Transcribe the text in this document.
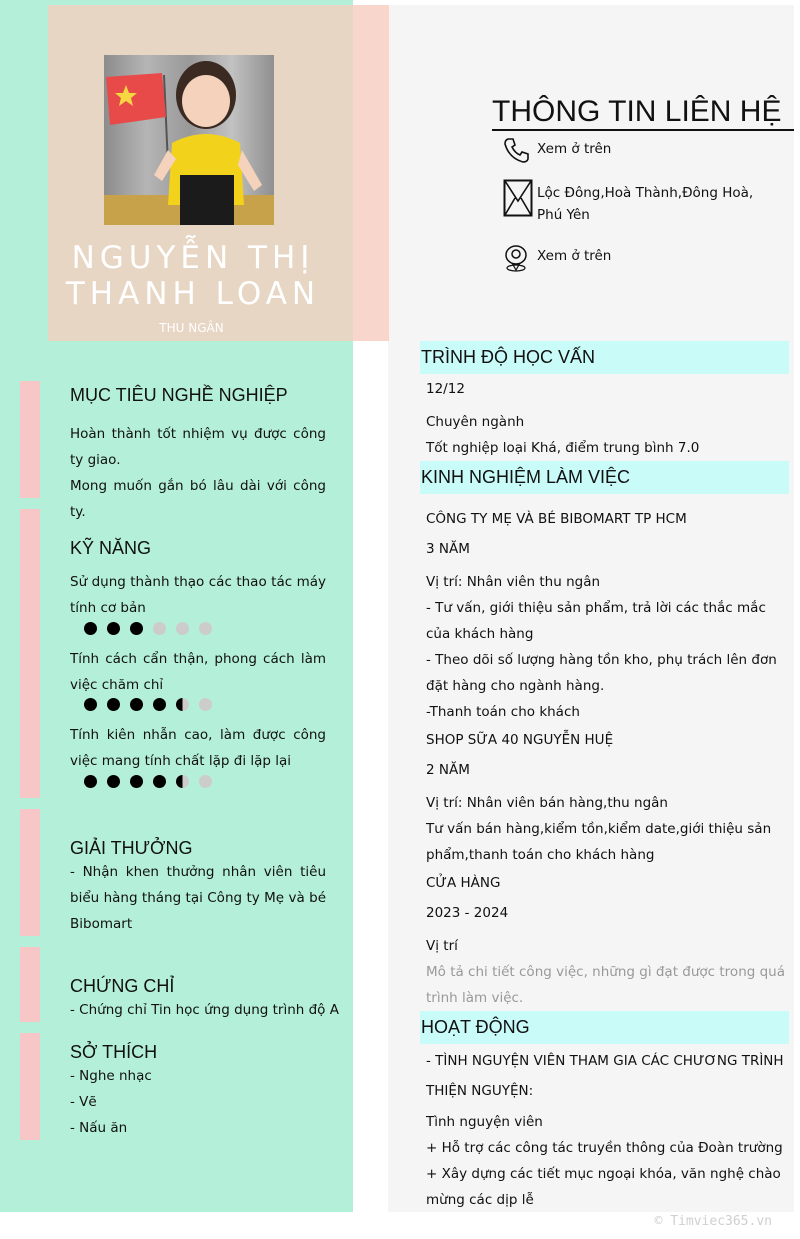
NGUYỄN THỊ
THANH LOAN
THU NGÂN
THÔNG TIN LIÊN HỆ
Xem ở trên
Lộc Đông,Hoà Thành,Đông Hoà,
Phú Yên
Xem ở trên
MỤC TIÊU NGHỀ NGHIỆP
Hoàn thành tốt nhiệm vụ được công ty giao.
Mong muốn gắn bó lâu dài với công ty.
KỸ NĂNG
Sử dụng thành thạo các thao tác máy tính cơ bản
Tính cách cẩn thận, phong cách làm việc chăm chỉ
Tính kiên nhẫn cao, làm được công việc mang tính chất lặp đi lặp lại
GIẢI THƯỞNG
- Nhận khen thưởng nhân viên tiêu biểu hàng tháng tại Công ty Mẹ và bé Bibomart
CHỨNG CHỈ
- Chứng chỉ Tin học ứng dụng trình độ A
SỞ THÍCH
- Nghe nhạc
- Vẽ
- Nấu ăn
TRÌNH ĐỘ HỌC VẤN
12/12
Chuyên ngành
Tốt nghiệp loại Khá, điểm trung bình 7.0
KINH NGHIỆM LÀM VIỆC
CÔNG TY MẸ VÀ BÉ BIBOMART TP HCM
3 NĂM
Vị trí: Nhân viên thu ngân
- Tư vấn, giới thiệu sản phẩm, trả lời các thắc mắc của khách hàng
- Theo dõi số lượng hàng tồn kho, phụ trách lên đơn đặt hàng cho ngành hàng.
-Thanh toán cho khách
SHOP SỮA 40 NGUYỄN HUỆ
2 NĂM
Vị trí: Nhân viên bán hàng,thu ngân
Tư vấn bán hàng,kiểm tồn,kiểm date,giới thiệu sản phẩm,thanh toán cho khách hàng
CỬA HÀNG
2023 - 2024
Vị trí
Mô tả chi tiết công việc, những gì đạt được trong quá trình làm việc.
HOẠT ĐỘNG
- TÌNH NGUYỆN VIÊN THAM GIA CÁC CHƯƠNG TRÌNH THIỆN NGUYỆN:
Tình nguyện viên
+ Hỗ trợ các công tác truyền thông của Đoàn trường
+ Xây dựng các tiết mục ngoại khóa, văn nghệ chào mừng các dịp lễ
© Timviec365.vn
